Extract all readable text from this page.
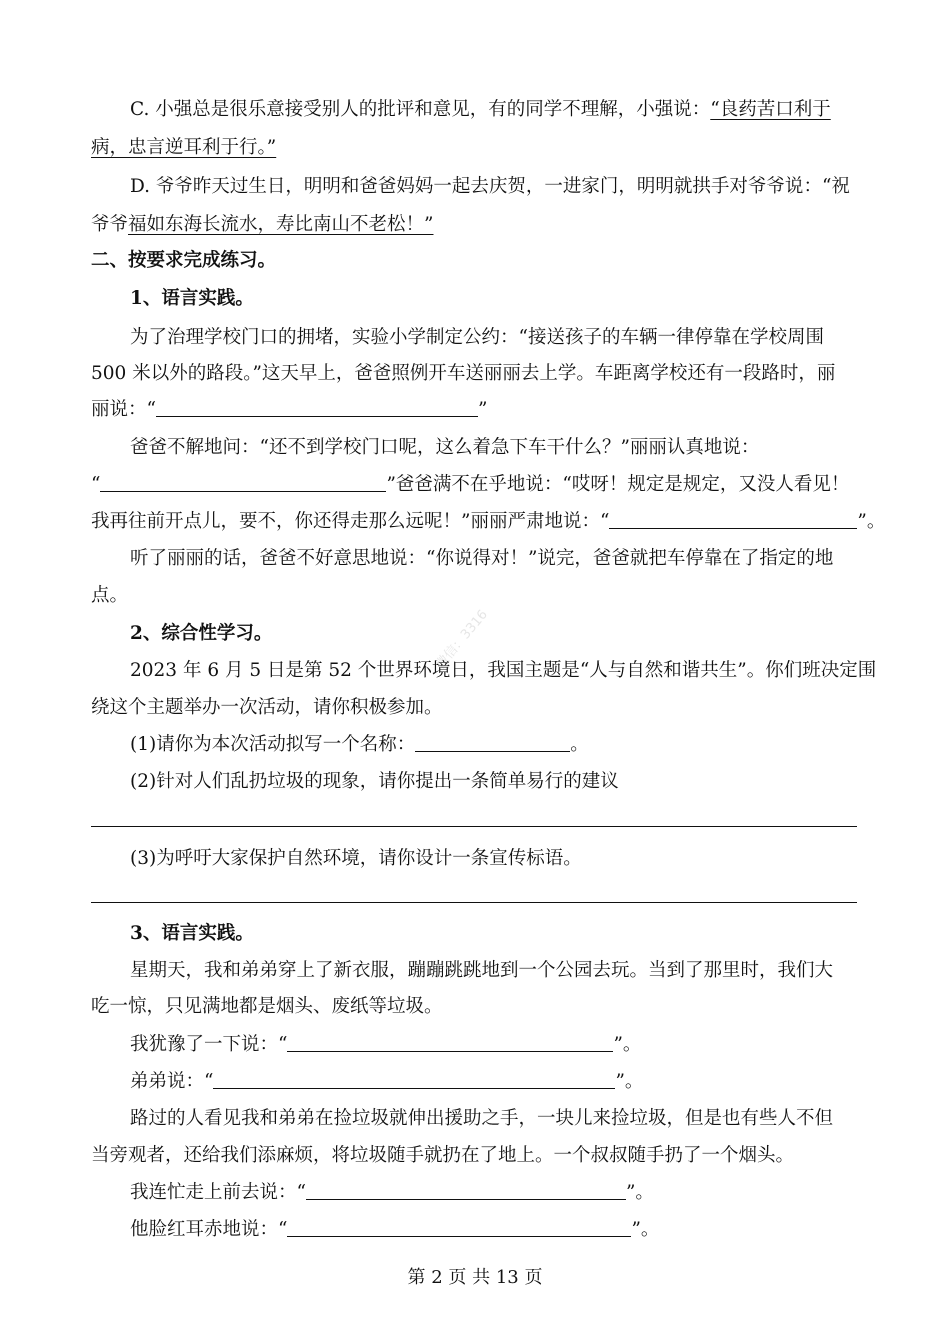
微信：3316
C. 小强总是很乐意接受别人的批评和意见，有的同学不理解，小强说：“良药苦口利于
病，忠言逆耳利于行。”
D. 爷爷昨天过生日，明明和爸爸妈妈一起去庆贺，一进家门，明明就拱手对爷爷说：“祝
爷爷福如东海长流水，寿比南山不老松！”
二、按要求完成练习。
1、语言实践。
为了治理学校门口的拥堵，实验小学制定公约：“接送孩子的车辆一律停靠在学校周围
500 米以外的路段。”这天早上，爸爸照例开车送丽丽去上学。车距离学校还有一段路时，丽
丽说：“	”
爸爸不解地问：“还不到学校门口呢，这么着急下车干什么？”丽丽认真地说：
“	”爸爸满不在乎地说：“哎呀！规定是规定，又没人看见！
我再往前开点儿，要不，你还得走那么远呢！”丽丽严肃地说：“	”。
听了丽丽的话，爸爸不好意思地说：“你说得对！”说完，爸爸就把车停靠在了指定的地
点。
2、综合性学习。
2023 年 6 月 5 日是第 52 个世界环境日，我国主题是“人与自然和谐共生”。你们班决定围
绕这个主题举办一次活动，请你积极参加。
(1)请你为本次活动拟写一个名称：	。
(2)针对人们乱扔垃圾的现象，请你提出一条简单易行的建议
(3)为呼吁大家保护自然环境，请你设计一条宣传标语。
3、语言实践。
星期天，我和弟弟穿上了新衣服，蹦蹦跳跳地到一个公园去玩。当到了那里时，我们大
吃一惊，只见满地都是烟头、废纸等垃圾。
我犹豫了一下说：“	”。
弟弟说：“	”。
路过的人看见我和弟弟在捡垃圾就伸出援助之手，一块儿来捡垃圾，但是也有些人不但
当旁观者，还给我们添麻烦，将垃圾随手就扔在了地上。一个叔叔随手扔了一个烟头。
我连忙走上前去说：“	”。
他脸红耳赤地说：“	”。
第 2 页 共 13 页
